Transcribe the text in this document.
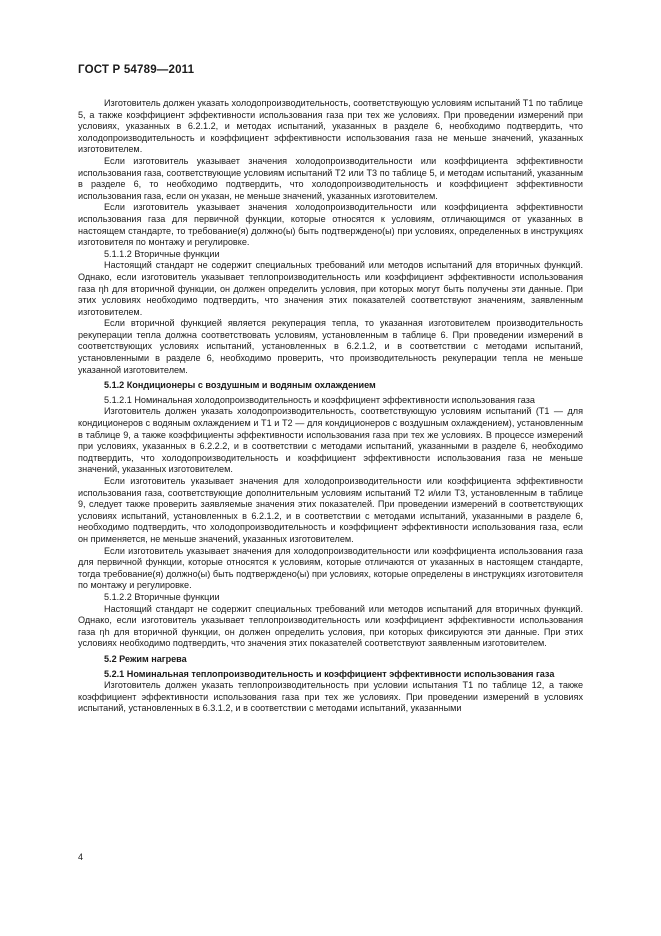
ГОСТ Р 54789—2011

Изготовитель должен указать холодопроизводительность, соответствующую условиям испытаний Т1 по таблице 5, а также коэффициент эффективности использования газа при тех же условиях. При проведении измерений при условиях, указанных в 6.2.1.2, и методах испытаний, указанных в разделе 6, необходимо подтвердить, что холодопроизводительность и коэффициент эффективности использования газа не меньше значений, указанных изготовителем.

Если изготовитель указывает значения холодопроизводительности или коэффициента эффективности использования газа, соответствующие условиям испытаний Т2 или Т3 по таблице 5, и методам испытаний, указанным в разделе 6, то необходимо подтвердить, что холодопроизводительность и коэффициент эффективности использования газа, если он указан, не меньше значений, указанных изготовителем.

Если изготовитель указывает значения холодопроизводительности или коэффициента эффективности использования газа для первичной функции, которые относятся к условиям, отличающимся от указанных в настоящем стандарте, то требование(я) должно(ы) быть подтверждено(ы) при условиях, определенных в инструкциях изготовителя по монтажу и регулировке.

5.1.1.2 Вторичные функции

Настоящий стандарт не содержит специальных требований или методов испытаний для вторичных функций. Однако, если изготовитель указывает теплопроизводительность или коэффициент эффективности использования газа ηh для вторичной функции, он должен определить условия, при которых могут быть получены эти данные. При этих условиях необходимо подтвердить, что значения этих показателей соответствуют значениям, заявленным изготовителем.

Если вторичной функцией является рекуперация тепла, то указанная изготовителем производительность рекуперации тепла должна соответствовать условиям, установленным в таблице 6. При проведении измерений в соответствующих условиях испытаний, установленных в 6.2.1.2, и в соответствии с методами испытаний, установленными в разделе 6, необходимо проверить, что производительность рекуперации тепла не меньше указанной изготовителем.

5.1.2 Кондиционеры с воздушным и водяным охлаждением

5.1.2.1 Номинальная холодопроизводительность и коэффициент эффективности использования газа

Изготовитель должен указать холодопроизводительность, соответствующую условиям испытаний (Т1 — для кондиционеров с водяным охлаждением и Т1 и Т2 — для кондиционеров с воздушным охлаждением), установленным в таблице 9, а также коэффициенты эффективности использования газа при тех же условиях. В процессе измерений при условиях, указанных в 6.2.2.2, и в соответствии с методами испытаний, указанными в разделе 6, необходимо подтвердить, что холодопроизводительность и коэффициент эффективности использования газа не меньше значений, указанных изготовителем.

Если изготовитель указывает значения для холодопроизводительности или коэффициента эффективности использования газа, соответствующие дополнительным условиям испытаний Т2 и/или Т3, установленным в таблице 9, следует также проверить заявляемые значения этих показателей. При проведении измерений в соответствующих условиях испытаний, установленных в 6.2.1.2, и в соответствии с методами испытаний, указанными в разделе 6, необходимо подтвердить, что холодопроизводительность и коэффициент эффективности использования газа, если он применяется, не меньше значений, указанных изготовителем.

Если изготовитель указывает значения для холодопроизводительности или коэффициента использования газа для первичной функции, которые относятся к условиям, которые отличаются от указанных в настоящем стандарте, тогда требование(я) должно(ы) быть подтверждено(ы) при условиях, которые определены в инструкциях изготовителя по монтажу и регулировке.

5.1.2.2 Вторичные функции

Настоящий стандарт не содержит специальных требований или методов испытаний для вторичных функций. Однако, если изготовитель указывает теплопроизводительность или коэффициент эффективности использования газа ηh для вторичной функции, он должен определить условия, при которых фиксируются эти данные. При этих условиях необходимо подтвердить, что значения этих показателей соответствуют заявленным изготовителем.

5.2 Режим нагрева

5.2.1 Номинальная теплопроизводительность и коэффициент эффективности использования газа

Изготовитель должен указать теплопроизводительность при условии испытания Т1 по таблице 12, а также коэффициент эффективности использования газа при тех же условиях. При проведении измерений в условиях испытаний, установленных в 6.3.1.2, и в соответствии с методами испытаний, указанными

4
